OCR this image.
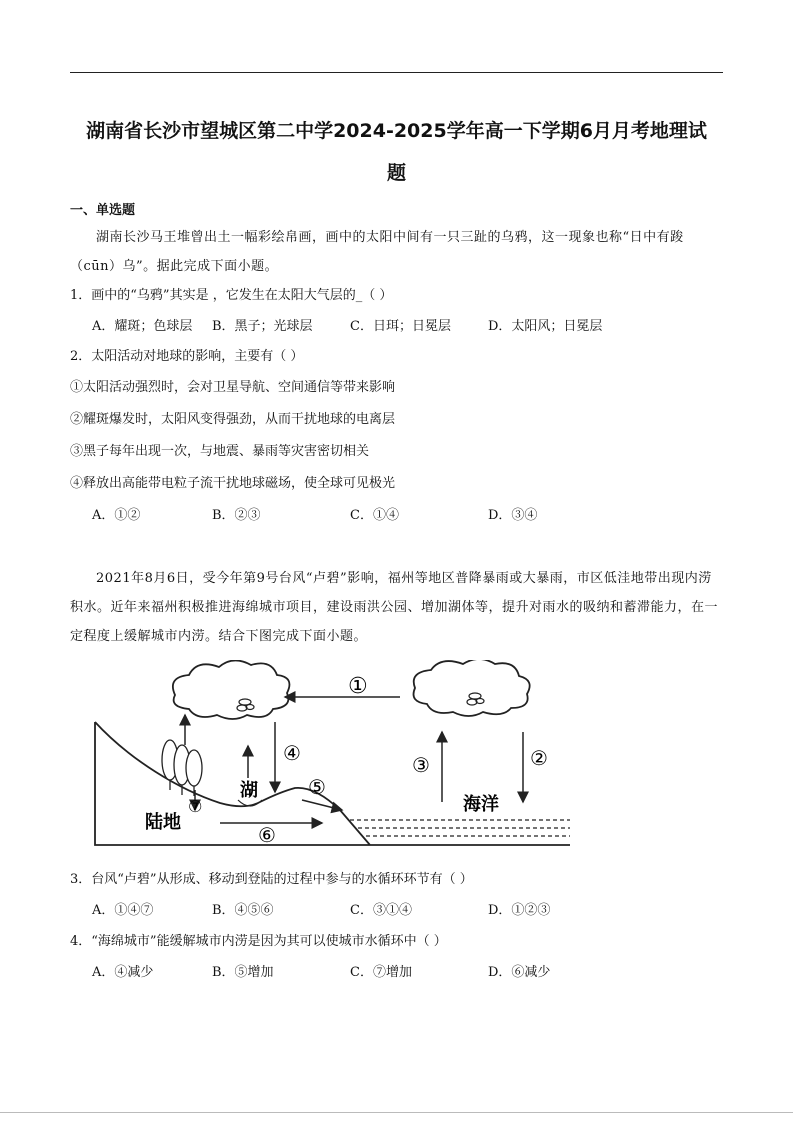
湖南省长沙市望城区第二中学2024-2025学年高一下学期6月月考地理试
题
一、单选题
湖南长沙马王堆曾出土一幅彩绘帛画，画中的太阳中间有一只三趾的乌鸦，这一现象也称“日中有踆（cūn）乌”。据此完成下面小题。
1．画中的“乌鸦”其实是 ，它发生在太阳大气层的_（ ）
A．耀斑；色球层 B．黑子；光球层	C．日珥；日冕层	D．太阳风；日冕层
2．太阳活动对地球的影响，主要有（ ）
①太阳活动强烈时，会对卫星导航、空间通信等带来影响
②耀斑爆发时，太阳风变得强劲，从而干扰地球的电离层
③黑子每年出现一次，与地震、暴雨等灾害密切相关
④释放出高能带电粒子流干扰地球磁场，使全球可见极光
A．①②	B．②③	C．①④	D．③④
2021年8月6日，受今年第9号台风“卢碧”影响，福州等地区普降暴雨或大暴雨，市区低洼地带出现内涝积水。近年来福州积极推进海绵城市项目，建设雨洪公园、增加湖体等，提升对雨水的吸纳和蓄滞能力，在一定程度上缓解城市内涝。结合下图完成下面小题。
①
②
③
④
⑤
⑥
⑦
湖
陆地
海洋
3．台风“卢碧”从形成、移动到登陆的过程中参与的水循环环节有（ ）
A．①④⑦	B．④⑤⑥	C．③①④	D．①②③
4．“海绵城市”能缓解城市内涝是因为其可以使城市水循环中（ ）
A．④减少	B．⑤增加	C．⑦增加	D．⑥减少
